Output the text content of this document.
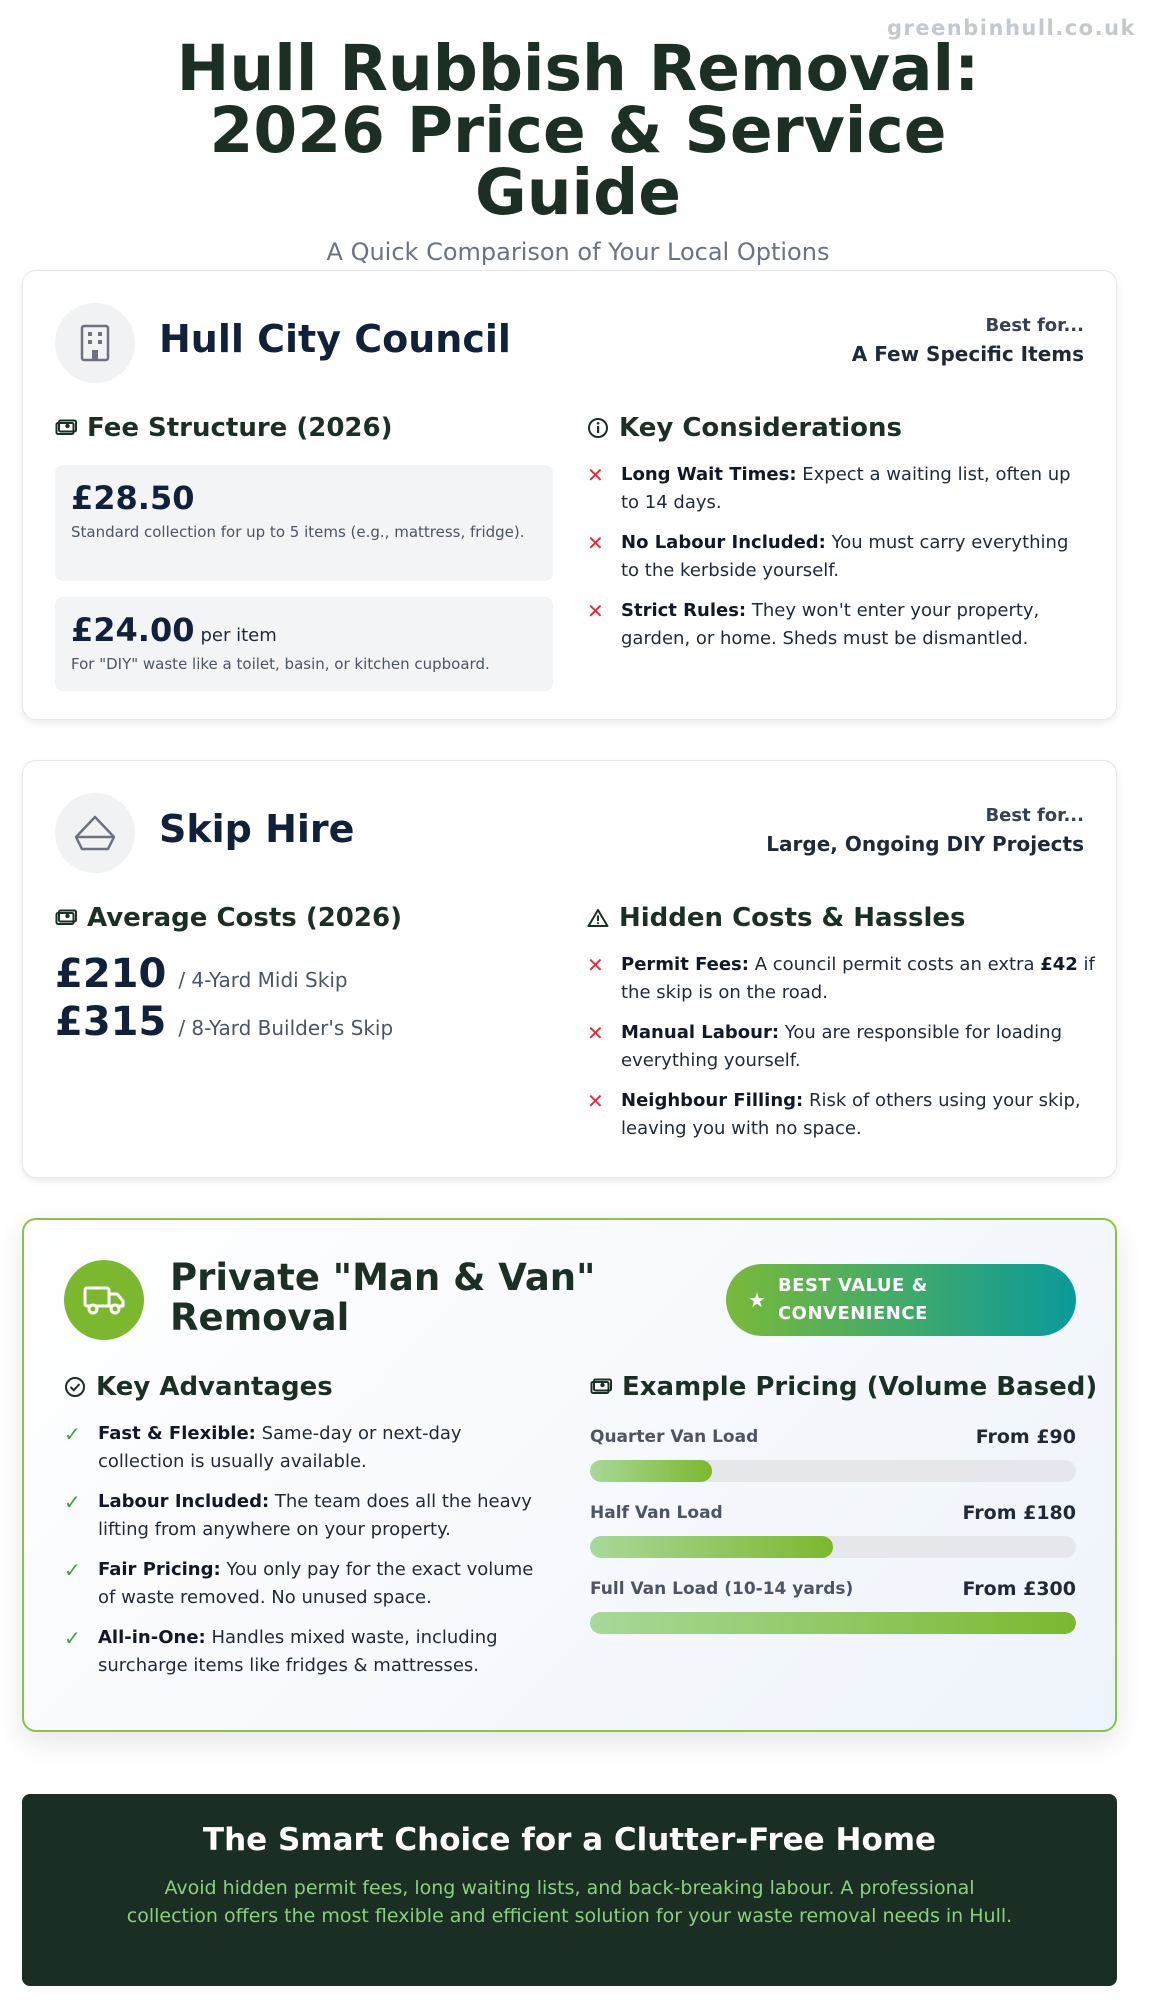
greenbinhull.co.uk
Hull Rubbish Removal: 2026 Price & Service Guide
A Quick Comparison of Your Local Options
Hull City Council	Best for...
A Few Specific Items
Fee Structure (2026)
£28.50
Standard collection for up to 5 items (e.g., mattress, fridge).
£24.00 per item
For "DIY" waste like a toilet, basin, or kitchen cupboard.
Key Considerations
✕ Long Wait Times: Expect a waiting list, often up to 14 days.
✕ No Labour Included: You must carry everything to the kerbside yourself.
✕ Strict Rules: They won't enter your property, garden, or home. Sheds must be dismantled.
Skip Hire	Best for...
Large, Ongoing DIY Projects
Average Costs (2026)
£210 / 4-Yard Midi Skip
£315 / 8-Yard Builder's Skip
Hidden Costs & Hassles
✕ Permit Fees: A council permit costs an extra £42 if the skip is on the road.
✕ Manual Labour: You are responsible for loading everything yourself.
✕ Neighbour Filling: Risk of others using your skip, leaving you with no space.
Private "Man & Van"
Removal	★
BEST VALUE &
CONVENIENCE
Key Advantages
✓ Fast & Flexible: Same-day or next-day collection is usually available.
✓ Labour Included: The team does all the heavy lifting from anywhere on your property.
✓ Fair Pricing: You only pay for the exact volume of waste removed. No unused space.
✓ All-in-One: Handles mixed waste, including surcharge items like fridges & mattresses.
Example Pricing (Volume Based)
Quarter Van Load	From £90
Half Van Load	From £180
Full Van Load (10-14 yards)	From £300
The Smart Choice for a Clutter-Free Home
Avoid hidden permit fees, long waiting lists, and back-breaking labour. A professional collection offers the most flexible and efficient solution for your waste removal needs in Hull.
